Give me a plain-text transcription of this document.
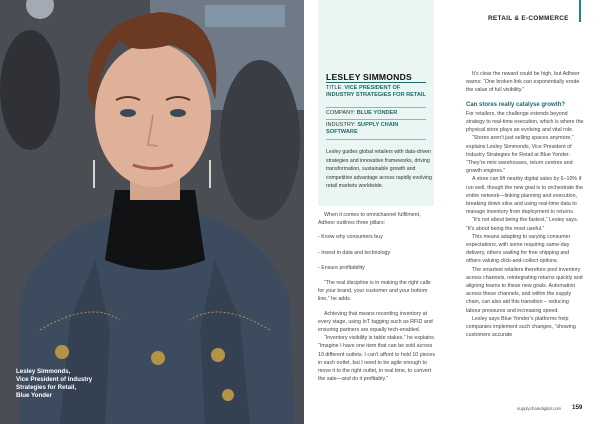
Lesley Simmonds,
Vice President of Industry
Strategies for Retail,
Blue Yonder
RETAIL & E-COMMERCE
LESLEY SIMMONDS
TITLE: VICE PRESIDENT OF INDUSTRY STRATEGIES FOR RETAIL
COMPANY: BLUE YONDER
INDUSTRY: SUPPLY CHAIN SOFTWARE
Lesley guides global retailers with data-driven strategies and innovative frameworks, driving transformation, sustainable growth and competitive advantage across rapidly evolving retail markets worldwide.

When it comes to omnichannel fulfilment, Adheer outlines three pillars:

- Know why consumers buy
- Invest in data and technology
- Ensure profitability

“The real discipline is in making the right calls for your brand, your customer and your bottom line,” he adds.

Achieving that means recording inventory at every stage, using IoT tagging such as RFID and ensuring partners are equally tech-enabled.

“Inventory visibility is table stakes,” he explains. “Imagine I have one item that can be sold across 10 different outlets. I can’t afford to hold 10 pieces in each outlet, but I need to be agile enough to move it to the right outlet, in real time, to convert the sale—and do it profitably.”

It’s clear the reward could be high, but Adheer warns: “One broken link can exponentially erode the value of full visibility.”

Can stores really catalyse growth?

For retailers, the challenge extends beyond strategy to real-time execution, which is where the physical store plays an evolving and vital role.

“Stores aren’t just selling spaces anymore,” explains Lesley Simmonds, Vice President of Industry Strategies for Retail at Blue Yonder. “They’re mini warehouses, return centres and growth engines.”

A store can lift nearby digital sales by 6–10% if run well, though the new goal is to orchestrate the entire network—linking planning and execution, breaking down silos and using real-time data to manage inventory from deployment to returns.

“It’s not about being the fastest,” Lesley says. “It’s about being the most useful.”

This means adapting to varying consumer expectations, with some requiring same-day delivery, others waiting for free shipping and others valuing click-and-collect options.

The smartest retailers therefore pool inventory across channels, reintegrating returns quickly and aligning teams to these new goals. Automation across these channels, and within the supply chain, can also aid this transition – reducing labour pressures and increasing speed.

Lesley says Blue Yonder’s platforms help companies implement such changes, “showing customers accurate

supplychaindigital.com 159
